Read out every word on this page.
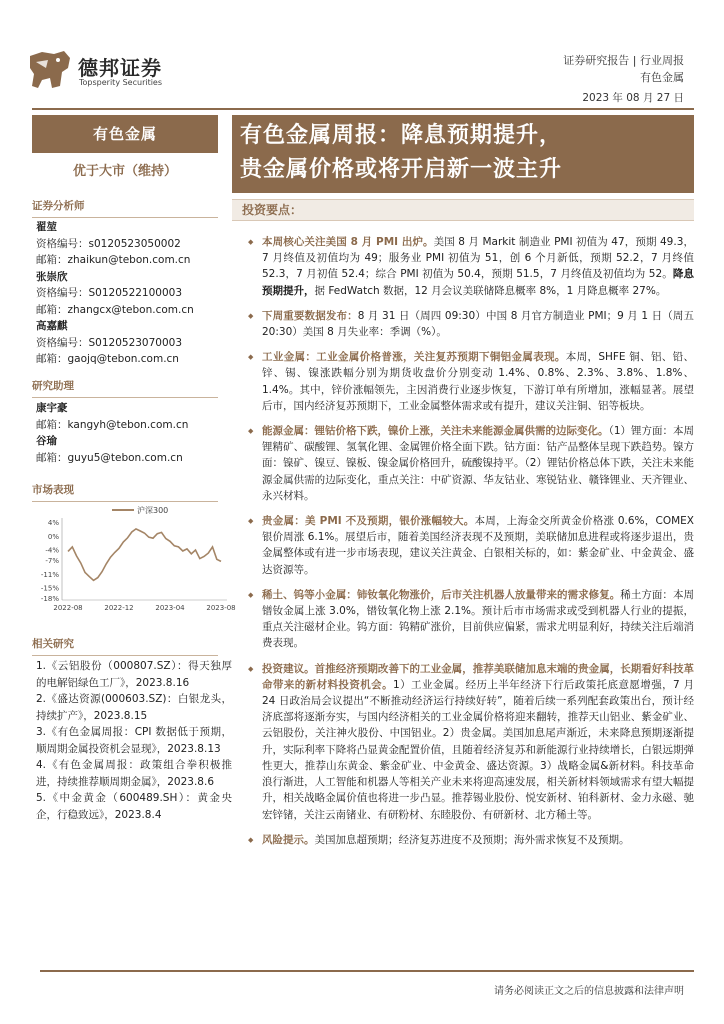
德邦证券
Topsperity Securities
证券研究报告 | 行业周报
有色金属
2023 年 08 月 27 日
有色金属
优于大市（维持）
证券分析师
翟堃
资格编号：s0120523050002
邮箱：zhaikun@tebon.com.cn
张崇欣
资格编号：S0120522100003
邮箱：zhangcx@tebon.com.cn
高嘉麒
资格编号：S0120523070003
邮箱：gaojq@tebon.com.cn
研究助理
康宇豪
邮箱：kangyh@tebon.com.cn
谷瑜
邮箱：guyu5@tebon.com.cn
市场表现
沪深300
4%
0%
-4%
-7%
-11%
-15%
-18%
2022-08	2022-12	2023-04	2023-08
相关研究
1.《云铝股份（000807.SZ）：得天独厚的电解铝绿色工厂》，2023.8.16
2.《盛达资源(000603.SZ)：白银龙头，持续扩产》，2023.8.15
3.《有色金属周报：CPI 数据低于预期，顺周期金属投资机会显现》，2023.8.13
4.《有色金属周报：政策组合拳积极推进，持续推荐顺周期金属》，2023.8.6
5.《中金黄金（600489.SH）：黄金央企，行稳致远》，2023.8.4
有色金属周报：降息预期提升，
贵金属价格或将开启新一波主升
投资要点：
◆ 本周核心关注美国 8 月 PMI 出炉。美国 8 月 Markit 制造业 PMI 初值为 47，预期 49.3，7 月终值及初值均为 49；服务业 PMI 初值为 51，创 6 个月新低，预期 52.2，7 月终值 52.3，7 月初值 52.4；综合 PMI 初值为 50.4，预期 51.5，7 月终值及初值均为 52。降息预期提升，据 FedWatch 数据，12 月会议美联储降息概率 8%，1 月降息概率 27%。
◆ 下周重要数据发布：8 月 31 日（周四 09:30）中国 8 月官方制造业 PMI；9 月 1 日（周五 20:30）美国 8 月失业率：季调（%）。
◆ 工业金属：工业金属价格普涨，关注复苏预期下铜铝金属表现。本周，SHFE 铜、铝、铅、锌、锡、镍涨跌幅分别为期货收盘价分别变动 1.4%、0.8%、2.3%、3.8%、1.8%、1.4%。其中，锌价涨幅领先，主因消费行业逐步恢复，下游订单有所增加，涨幅显著。展望后市，国内经济复苏预期下，工业金属整体需求或有提升，建议关注铜、铝等板块。
◆ 能源金属：锂钴价格下跌，镍价上涨，关注未来能源金属供需的边际变化。（1）锂方面：本周锂精矿、碳酸锂、氢氧化锂、金属锂价格全面下跌。钴方面：钴产品整体呈现下跌趋势。镍方面：镍矿、镍豆、镍板、镍金属价格回升，硫酸镍持平。（2）锂钴价格总体下跌，关注未来能源金属供需的边际变化，重点关注：中矿资源、华友钴业、寒锐钴业、赣锋锂业、天齐锂业、永兴材料。
◆ 贵金属：美 PMI 不及预期，银价涨幅较大。本周，上海金交所黄金价格涨 0.6%，COMEX 银价周涨 6.1%。展望后市，随着美国经济表现不及预期，美联储加息进程或将逐步退出，贵金属整体或有进一步市场表现，建议关注黄金、白银相关标的，如：紫金矿业、中金黄金、盛达资源等。
◆ 稀土、钨等小金属：铈钕氧化物涨价，后市关注机器人放量带来的需求修复。稀土方面：本周镨钕金属上涨 3.0%，镨钕氧化物上涨 2.1%。预计后市市场需求或受到机器人行业的提振，重点关注磁材企业。钨方面：钨精矿涨价，目前供应偏紧，需求尤明显利好，持续关注后端消费表现。
◆ 投资建议。首推经济预期改善下的工业金属，推荐美联储加息末端的贵金属，长期看好科技革命带来的新材料投资机会。1）工业金属。经历上半年经济下行后政策托底意愿增强，7 月 24 日政治局会议提出“不断推动经济运行持续好转”，随着后续一系列配套政策出台，预计经济底部将逐渐夯实，与国内经济相关的工业金属价格将迎来翻转，推荐天山铝业、紫金矿业、云铝股份，关注神火股份、中国铝业。2）贵金属。美国加息尾声渐近，未来降息预期逐渐提升，实际利率下降将凸显黄金配置价值，且随着经济复苏和新能源行业持续增长，白银远期弹性更大，推荐山东黄金、紫金矿业、中金黄金、盛达资源。3）战略金属&新材料。科技革命浪行渐进，人工智能和机器人等相关产业未来将迎高速发展，相关新材料领域需求有望大幅提升，相关战略金属价值也将进一步凸显。推荐锡业股份、悦安新材、铂科新材、金力永磁、驰宏锌锗，关注云南锗业、有研粉材、东睦股份、有研新材、北方稀土等。
◆ 风险提示。美国加息超预期；经济复苏进度不及预期；海外需求恢复不及预期。
请务必阅读正文之后的信息披露和法律声明
